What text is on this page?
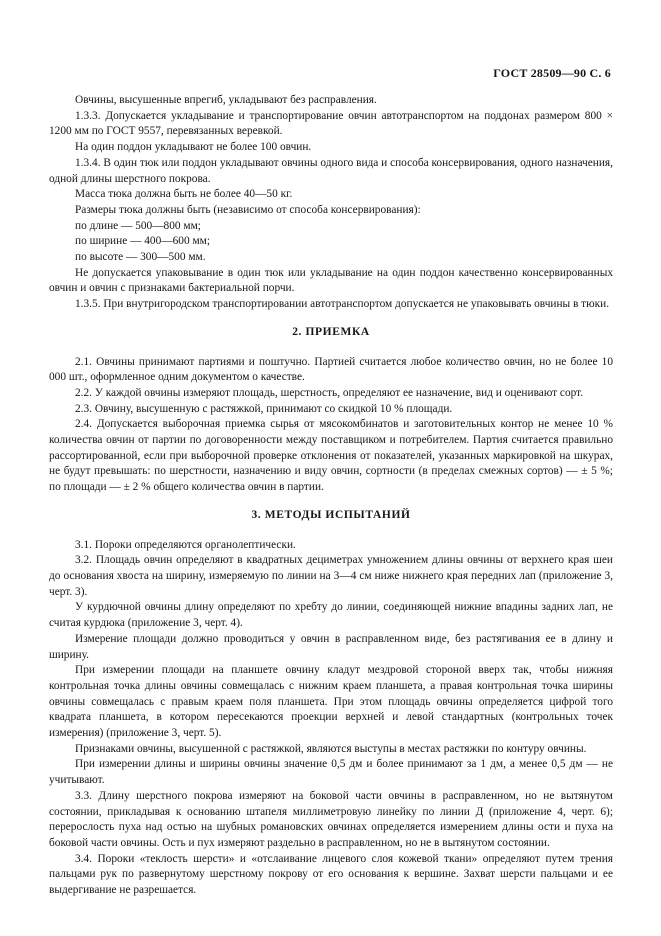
ГОСТ 28509—90 С. 6

Овчины, высушенные впрегиб, укладывают без расправления.

1.3.3. Допускается укладывание и транспортирование овчин автотранспортом на поддонах размером 800 × 1200 мм по ГОСТ 9557, перевязанных веревкой.

На один поддон укладывают не более 100 овчин.

1.3.4. В один тюк или поддон укладывают овчины одного вида и способа консервирования, одного назначения, одной длины шерстного покрова.

Масса тюка должна быть не более 40—50 кг.

Размеры тюка должны быть (независимо от способа консервирования):

по длине — 500—800 мм;

по ширине — 400—600 мм;

по высоте — 300—500 мм.

Не допускается упаковывание в один тюк или укладывание на один поддон качественно консервированных овчин и овчин с признаками бактериальной порчи.

1.3.5. При внутригородском транспортировании автотранспортом допускается не упаковывать овчины в тюки.

2. ПРИЕМКА

2.1. Овчины принимают партиями и поштучно. Партией считается любое количество овчин, но не более 10 000 шт., оформленное одним документом о качестве.

2.2. У каждой овчины измеряют площадь, шерстность, определяют ее назначение, вид и оценивают сорт.

2.3. Овчину, высушенную с растяжкой, принимают со скидкой 10 % площади.

2.4. Допускается выборочная приемка сырья от мясокомбинатов и заготовительных контор не менее 10 % количества овчин от партии по договоренности между поставщиком и потребителем. Партия считается правильно рассортированной, если при выборочной проверке отклонения от показателей, указанных маркировкой на шкурах, не будут превышать: по шерстности, назначению и виду овчин, сортности (в пределах смежных сортов) — ± 5 %; по площади — ± 2 % общего количества овчин в партии.

3. МЕТОДЫ ИСПЫТАНИЙ

3.1. Пороки определяются органолептически.

3.2. Площадь овчин определяют в квадратных дециметрах умножением длины овчины от верхнего края шеи до основания хвоста на ширину, измеряемую по линии на 3—4 см ниже нижнего края передних лап (приложение 3, черт. 3).

У курдючной овчины длину определяют по хребту до линии, соединяющей нижние впадины задних лап, не считая курдюка (приложение 3, черт. 4).

Измерение площади должно проводиться у овчин в расправленном виде, без растягивания ее в длину и ширину.

При измерении площади на планшете овчину кладут мездровой стороной вверх так, чтобы нижняя контрольная точка длины овчины совмещалась с нижним краем планшета, а правая контрольная точка ширины овчины совмещалась с правым краем поля планшета. При этом площадь овчины определяется цифрой того квадрата планшета, в котором пересекаются проекции верхней и левой стандартных (контрольных точек измерения) (приложение 3, черт. 5).

Признаками овчины, высушенной с растяжкой, являются выступы в местах растяжки по контуру овчины.

При измерении длины и ширины овчины значение 0,5 дм и более принимают за 1 дм, а менее 0,5 дм — не учитывают.

3.3. Длину шерстного покрова измеряют на боковой части овчины в расправленном, но не вытянутом состоянии, прикладывая к основанию штапеля миллиметровую линейку по линии Д (приложение 4, черт. 6); перерослость пуха над остью на шубных романовских овчинах определяется измерением длины ости и пуха на боковой части овчины. Ость и пух измеряют раздельно в расправленном, но не в вытянутом состоянии.

3.4. Пороки «теклость шерсти» и «отслаивание лицевого слоя кожевой ткани» определяют путем трения пальцами рук по развернутому шерстному покрову от его основания к вершине. Захват шерсти пальцами и ее выдергивание не разрешается.
